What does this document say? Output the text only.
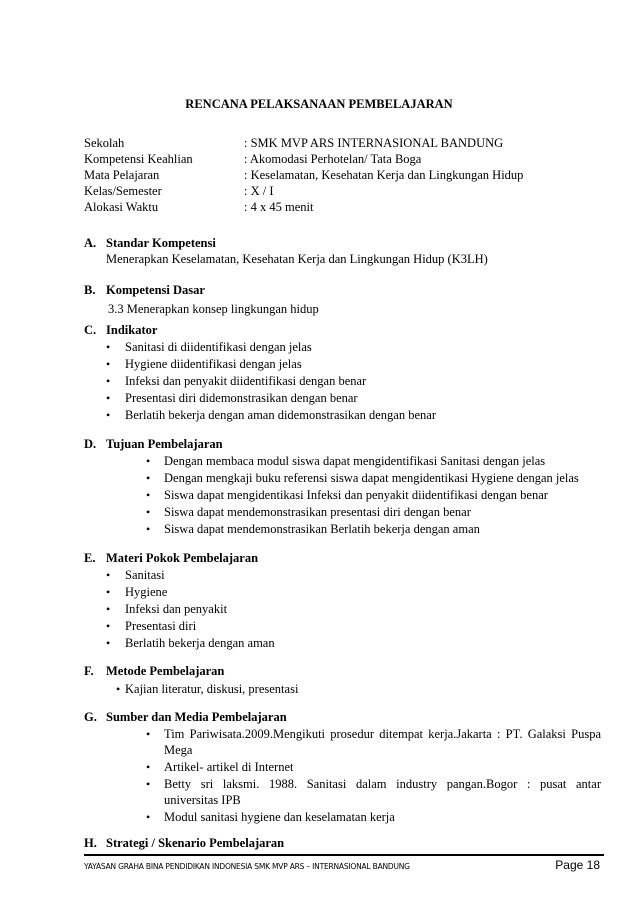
RENCANA PELAKSANAAN PEMBELAJARAN
Sekolah	: SMK MVP ARS INTERNASIONAL BANDUNG
Kompetensi Keahlian	: Akomodasi Perhotelan/ Tata Boga
Mata Pelajaran	: Keselamatan, Kesehatan Kerja dan Lingkungan Hidup
Kelas/Semester	: X / I
Alokasi Waktu	: 4 x 45 menit
A. Standar Kompetensi
Menerapkan Keselamatan, Kesehatan Kerja dan Lingkungan Hidup (K3LH)
B. Kompetensi Dasar
3.3 Menerapkan konsep lingkungan hidup
C. Indikator
• Sanitasi di diidentifikasi dengan jelas
• Hygiene diidentifikasi dengan jelas
• Infeksi dan penyakit diidentifikasi dengan benar
• Presentasi diri didemonstrasikan dengan benar
• Berlatih bekerja dengan aman didemonstrasikan dengan benar
D. Tujuan Pembelajaran
• Dengan membaca modul siswa dapat mengidentifikasi Sanitasi dengan jelas
• Dengan mengkaji buku referensi siswa dapat mengidentikasi Hygiene dengan jelas
• Siswa dapat mengidentikasi Infeksi dan penyakit diidentifikasi dengan benar
• Siswa dapat mendemonstrasikan presentasi diri dengan benar
• Siswa dapat mendemonstrasikan Berlatih bekerja dengan aman
E. Materi Pokok Pembelajaran
• Sanitasi
• Hygiene
• Infeksi dan penyakit
• Presentasi diri
• Berlatih bekerja dengan aman
F. Metode Pembelajaran
• Kajian literatur, diskusi, presentasi
G. Sumber dan Media Pembelajaran
• Tim Pariwisata.2009.Mengikuti prosedur ditempat kerja.Jakarta : PT. Galaksi Puspa
Mega
• Artikel- artikel di Internet
• Betty sri laksmi. 1988. Sanitasi dalam industry pangan.Bogor : pusat antar
universitas IPB
• Modul sanitasi hygiene dan keselamatan kerja
H. Strategi / Skenario Pembelajaran
YAYASAN GRAHA BINA PENDIDIKAN INDONESIA SMK MVP ARS – INTERNASIONAL BANDUNG	Page 18
